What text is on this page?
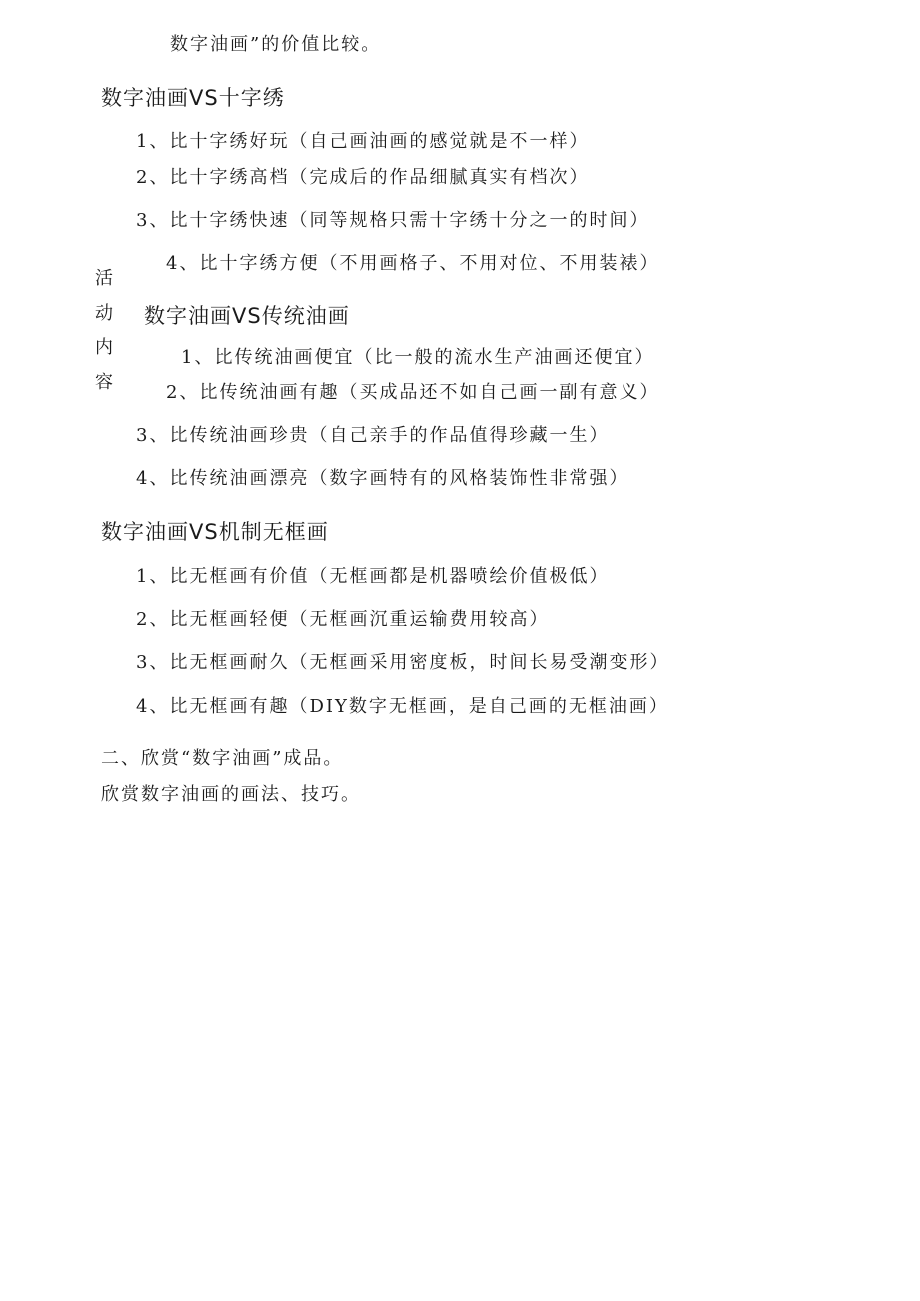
数字油画”的价值比较。
活
动
内
容
数字油画VS十字绣
1、比十字绣好玩（自己画油画的感觉就是不一样）
2、比十字绣高档（完成后的作品细腻真实有档次）
3、比十字绣快速（同等规格只需十字绣十分之一的时间）
4、比十字绣方便（不用画格子、不用对位、不用装裱）
数字油画VS传统油画
1、比传统油画便宜（比一般的流水生产油画还便宜）
2、比传统油画有趣（买成品还不如自己画一副有意义）
3、比传统油画珍贵（自己亲手的作品值得珍藏一生）
4、比传统油画漂亮（数字画特有的风格装饰性非常强）
数字油画VS机制无框画
1、比无框画有价值（无框画都是机器喷绘价值极低）
2、比无框画轻便（无框画沉重运输费用较高）
3、比无框画耐久（无框画采用密度板，时间长易受潮变形）
4、比无框画有趣（DIY数字无框画，是自己画的无框油画）
二、欣赏“数字油画”成品。
欣赏数字油画的画法、技巧。
